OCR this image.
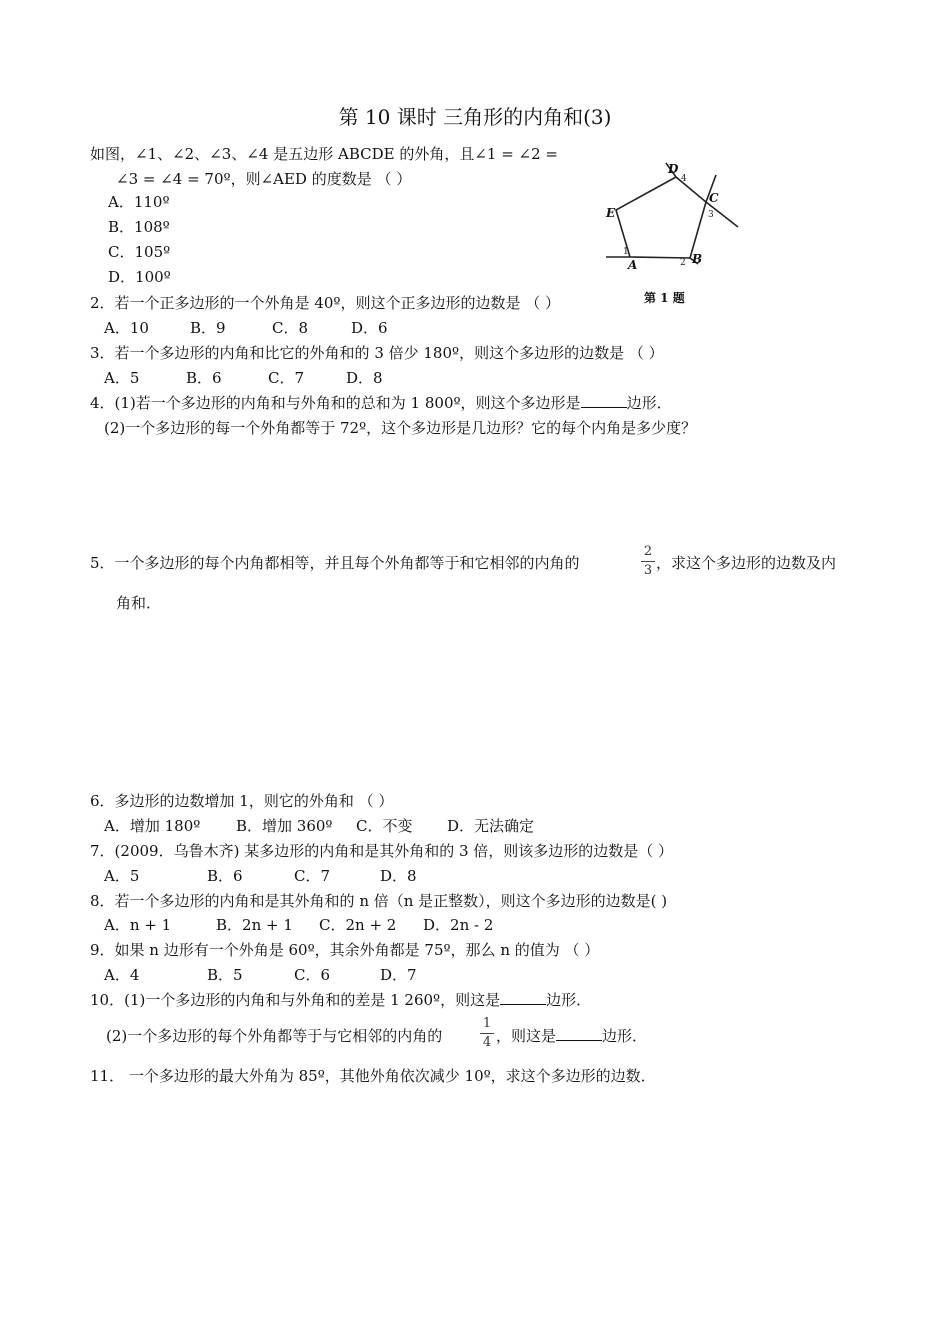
第 10 课时 三角形的内角和(3)
如图，∠1、∠2、∠3、∠4 是五边形 ABCDE 的外角，且∠1 = ∠2 =
∠3 = ∠4 = 70º，则∠AED 的度数是 （ ）
A．110º
B．108º
C．105º
D．100º
D
C
E
B
A
4
3
1
2
第 1 题
2．若一个正多边形的一个外角是 40º，则这个正多边形的边数是 （ ）
A．10	B．9	C．8	D．6
3．若一个多边形的内角和比它的外角和的 3 倍少 180º，则这个多边形的边数是 （ ）
A．5	B．6	C．7	D．8
4．(1)若一个多边形的内角和与外角和的总和为 1 800º，则这个多边形是	边形．
(2)一个多边形的每一个外角都等于 72º，这个多边形是几边形？它的每个内角是多少度？
5．一个多边形的每个内角都相等，并且每个外角都等于和它相邻的内角的
2
3 ，求这个多边形的边数及内
角和．
6．多边形的边数增加 1，则它的外角和 （ ）
A．增加 180º B．增加 360º C．不变 D．无法确定
7．(2009．乌鲁木齐) 某多边形的内角和是其外角和的 3 倍，则该多边形的边数是（ ）
A．5	B．6	C．7	D．8
8．若一个多边形的内角和是其外角和的 n 倍（n 是正整数），则这个多边形的边数是( )
A．n + 1	B．2n + 1 C．2n + 2 D．2n - 2
9．如果 n 边形有一个外角是 60º，其余外角都是 75º，那么 n 的值为 （ ）
A．4	B．5	C．6	D．7
10．(1)一个多边形的内角和与外角和的差是 1 260º，则这是	边形．
(2)一个多边形的每个外角都等于与它相邻的内角的
1
4 ，则这是	边形．
11． 一个多边形的最大外角为 85º，其他外角依次减少 10º，求这个多边形的边数．
